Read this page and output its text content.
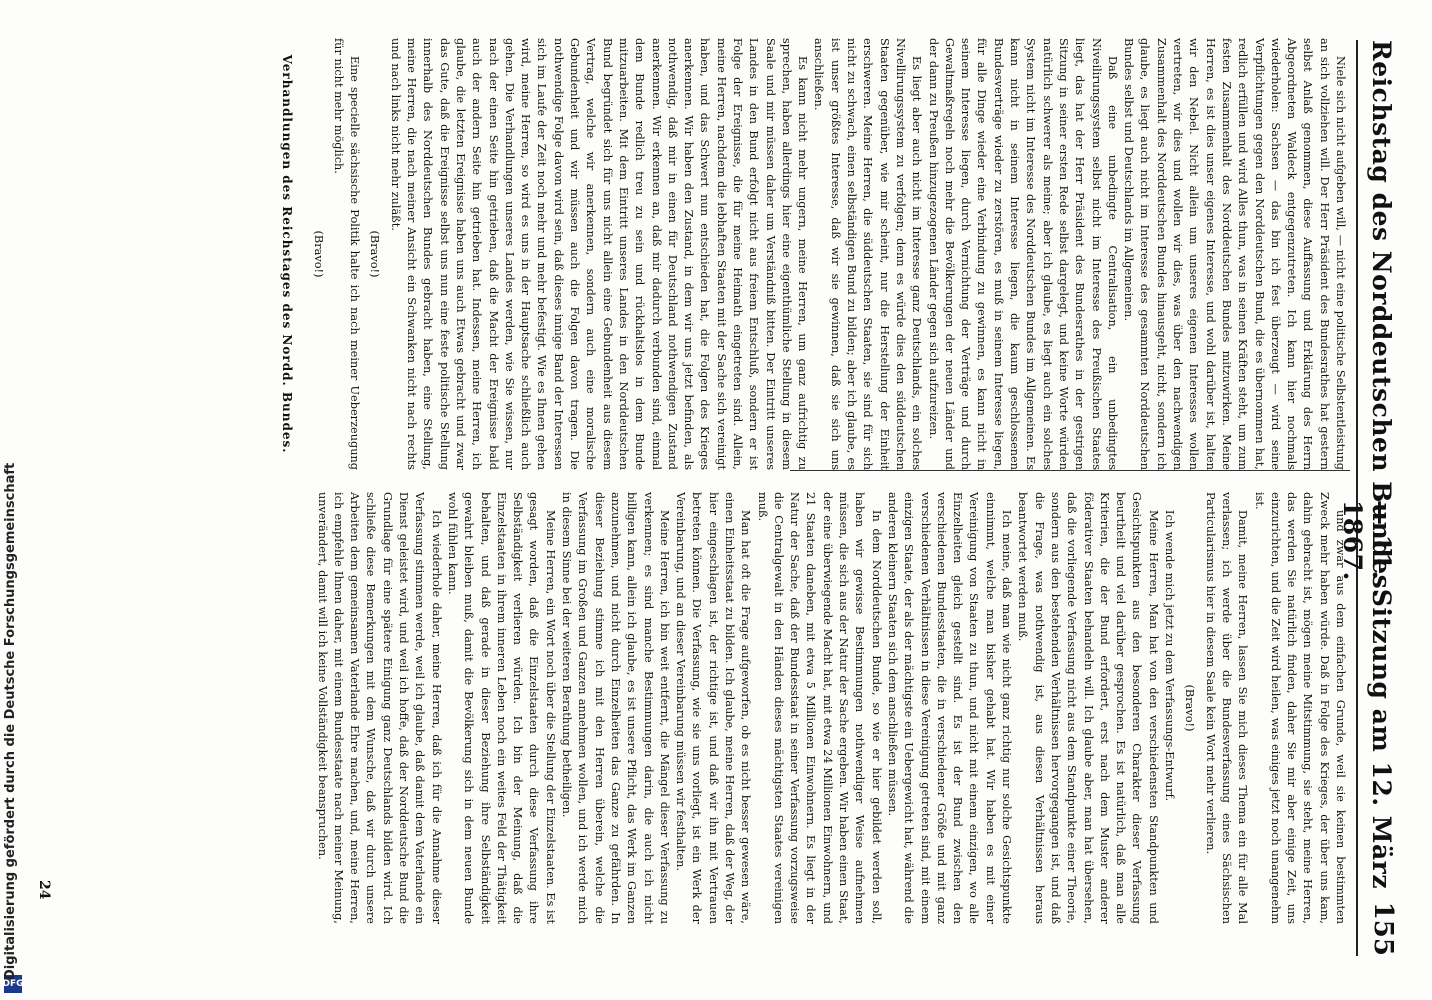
Reichstag des Norddeutschen Bundes.
— 11. Sitzung am 12. März 1867.
155

Niele sich nicht aufgeben will, — nicht eine politische Selbstentleistung an sich vollziehen will. Der Herr Präsident des Bundesrathes hat gestern selbst Anlaß genommen, diese Auffassung und Erklärung des Herrn Abgeordneten Waldeck entgegenzutreten. Ich kann hier nochmals wiederholen: Sachsen — das bin ich fest überzeugt — wird seine Verpflichtungen gegen den Norddeutschen Bund, die es übernommen hat, redlich erfüllen und wird Alles thun, was in seinen Kräften steht, um zum festen Zusammenhalt des Norddeutschen Bundes mitzuwirken. Meine Herren, es ist dies unser eigenes Interesse, und wohl darüber ist, halten wir den Nebel. Nicht allein um unseres eigenen Interesses wollen vertreten, wir dies und wollen wir dies, was über den nachwendigen Zusammenhalt des Norddeutschen Bundes hinausgeht, nicht, sondern ich glaube, es liegt auch nicht im Interesse des gesammten Norddeutschen Bundes selbst und Deutschlands im Allgemeinen.

Daß eine unbedingte Centralisation, ein unbedingtes Niveilirungssystem selbst nicht im Interesse des Preußischen Staates liegt, das hat der Herr Präsident des Bundesrathes in der gestrigen Sitzung in seiner ersten Rede selbst dargelegt, und keine Worte würden natürlich schwerer als meine; aber ich glaube, es liegt auch ein solches System nicht im Interesse des Norddeutschen Bundes im Allgemeinen. Es kann nicht in seinem Interesse liegen, die kaum geschlossenen Bundesverträge wieder zu zerstören, es muß in seinem Interesse liegen, für alle Dinge wieder eine Verbindung zu gewinnen, es kann nicht in seinem Interesse liegen, durch Vernichtung der Verträge und durch Gewaltmaßregeln noch mehr die Bevölkerungen der neuen Länder und der dann zu Preußen hinzugezogenen Länder gegen sich aufzureizen.

Es liegt aber auch nicht im Interesse ganz Deutschlands, ein solches Nivellirungssystem zu verfolgen; denn es würde dies den süddeutschen Staaten gegenüber, wie mir scheint, nur die Herstellung der Einheit erschweren. Meine Herren, die süddeutschen Staaten, sie sind für sich nicht zu schwach, einen selbständigen Bund zu bilden; aber ich glaube, es ist unser größtes Interesse, daß wir sie gewinnen, daß sie sich uns anschließen.

Es kann nicht mehr ungern, meine Herren, um ganz aufrichtig zu sprechen, haben allerdings hier eine eigenthümliche Stellung in diesem Saale und mir müssen daher um Verständniß bitten. Der Eintritt unseres Landes in den Bund erfolgt nicht aus freiem Entschluß, sondern er ist Folge der Ereignisse, die für meine Heimath eingetreten sind. Allein, meine Herren, nachdem die lebhaften Staaten mit der Sache sich vereinigt haben, und das Schwert nun entschieden hat, die Folgen des Krieges anerkennen. Wir haben den Zustand, in dem wir uns jetzt befinden, als nothwendig, daß mir in einen für Deutschland nothwendigen Zustand anerkennen. Wir erkennen an, daß mir dadurch verbunden sind, einmal dem Bunde redlich treu zu sein und rückhaltslos in dem Bunde mitzuarbeiten. Mit dem Eintritt unseres Landes in den Norddeutschen Bund begründet sich für uns nicht allein eine Gebundenheit aus diesem Vertrag, welche wir anerkennen, sondern auch eine moralische Gebundenheit und wir müssen auch die Folgen davon tragen. Die nothwendige Folge davon wird sein, daß dieses innige Band der Interessen sich im Laufe der Zeit noch mehr und mehr befestigt. Wie es Ihnen gehen wird, meine Herren, so wird es uns in der Hauptsache schließlich auch gehen. Die Verhandlungen unseres Landes werden, wie Sie wissen, nur nach der einen Seite hin getrieben, daß die Macht der Ereignisse bald auch der andern Seite hin getrieben hat. Indessen, meine Herren, ich glaube, die letzten Ereignisse haben uns auch Etwas gebracht und zwar das Gute, daß die Ereignisse selbst uns nun eine feste politische Stellung innerhalb des Norddeutschen Bundes gebracht haben, eine Stellung, meine Herren, die nach meiner Ansicht ein Schwanken nicht nach rechts und nach links nicht mehr zuläßt.

(Bravo!)

Eine specielle sächsische Politik halte ich nach meiner Ueberzeugung für nicht mehr möglich.

(Bravo!)

Verhandlungen des Reichstages des Nordd. Bundes.

und zwar aus dem einfachen Grunde, weil sie keinen bestimmten Zweck mehr haben würde. Daß in Folge des Krieges, der über uns kam, dahin gebracht ist, mögen meine Mitstimmung, sie steht, meine Herren, das werden Sie natürlich finden, daher Sie mir aber einige Zeit, uns einzurichten, und die Zeit wird heilen, was einiges jetzt noch unangenehm ist.

Damit, meine Herren, lassen Sie mich dieses Thema ein für alle Mal verlassen; ich werde über die Bundesverfassung eines Sächsischen Particularismus hier in diesem Saale kein Wort mehr verlieren.

(Bravo!)

Ich wende mich jetzt zu dem Verfassungs-Entwurf.

Meine Herren, Man hat von den verschiedensten Standpunkten und Gesichtspunkten aus den besonderen Charakter dieser Verfassung beurtheilt und viel darüber gesprochen. Es ist natürlich, daß man alle Kriterien, die der Bund erfordert, erst nach dem Muster anderer föderativer Staaten behandeln will. Ich glaube aber, man hat übersehen, daß die vorliegende Verfassung nicht aus dem Standpunkte einer Theorie, sondern aus den bestehenden Verhältnissen hervorgegangen ist, und daß die Frage, was nothwendig ist, aus diesen Verhältnissen heraus beantwortet werden muß.

Ich meine, daß man wie nicht ganz richtig nur solche Gesichtspunkte einnimmt, welche man bisher gehabt hat. Wir haben es mit einer Vereinigung von Staaten zu thun, und nicht mit einem einzigen, wo alle Einzelheiten gleich gestellt sind. Es ist der Bund zwischen den verschiedenen Bundesstaaten, die in verschiedener Größe und mit ganz verschiedenen Verhältnissen in diese Vereinigung getreten sind, mit einem einzigen Staate, der als der mächtigste ein Uebergewicht hat, während die anderen kleinern Staaten sich dem anschließen müssen.

In dem Norddeutschen Bunde, so wie er hier gebildet werden soll, haben wir gewisse Bestimmungen nothwendiger Weise aufnehmen müssen, die sich aus der Natur der Sache ergeben. Wir haben einen Staat, der eine überwiegende Macht hat, mit etwa 24 Millionen Einwohnern, und 21 Staaten daneben, mit etwa 5 Millionen Einwohnern. Es liegt in der Natur der Sache, daß der Bundesstaat in seiner Verfassung vorzugsweise die Centralgewalt in den Händen dieses mächtigsten Staates vereinigen muß.

Man hat oft die Frage aufgeworfen, ob es nicht besser gewesen wäre, einen Einheitsstaat zu bilden. Ich glaube, meine Herren, daß der Weg, der hier eingeschlagen ist, der richtige ist, und daß wir ihn mit Vertrauen betreten können. Die Verfassung, wie sie uns vorliegt, ist ein Werk der Vereinbarung, und an dieser Vereinbarung müssen wir festhalten.

Meine Herren, ich bin weit entfernt, die Mängel dieser Verfassung zu verkennen; es sind manche Bestimmungen darin, die auch ich nicht billigen kann, allein ich glaube, es ist unsere Pflicht, das Werk im Ganzen anzunehmen, und nicht durch Einzelheiten das Ganze zu gefährden. In dieser Beziehung stimme ich mit den Herren überein, welche die Verfassung im Großen und Ganzen annehmen wollen, und ich werde mich in diesem Sinne bei der weiteren Berathung betheiligen.

Meine Herren, ein Wort noch über die Stellung der Einzelstaaten. Es ist gesagt worden, daß die Einzelstaaten durch diese Verfassung ihre Selbständigkeit verlieren würden. Ich bin der Meinung, daß die Einzelstaaten in ihrem inneren Leben noch ein weites Feld der Thätigkeit behalten, und daß gerade in dieser Beziehung ihre Selbständigkeit gewahrt bleiben muß, damit die Bevölkerung sich in dem neuen Bunde wohl fühlen kann.

Ich wiederhole daher, meine Herren, daß ich für die Annahme dieser Verfassung stimmen werde, weil ich glaube, daß damit dem Vaterlande ein Dienst geleistet wird, und weil ich hoffe, daß der Norddeutsche Bund die Grundlage für eine spätere Einigung ganz Deutschlands bilden wird. Ich schließe diese Bemerkungen mit dem Wunsche, daß wir durch unsere Arbeiten dem gemeinsamen Vaterlande Ehre machen, und, meine Herren, ich empfehle Ihnen daher, mit einem Bundesstaate nach meiner Meinung, unverändert, damit will ich keine Vollständigkeit beanspruchen.

24
DFG
Digitalisierung gefördert durch die Deutsche Forschungsgemeinschaft
